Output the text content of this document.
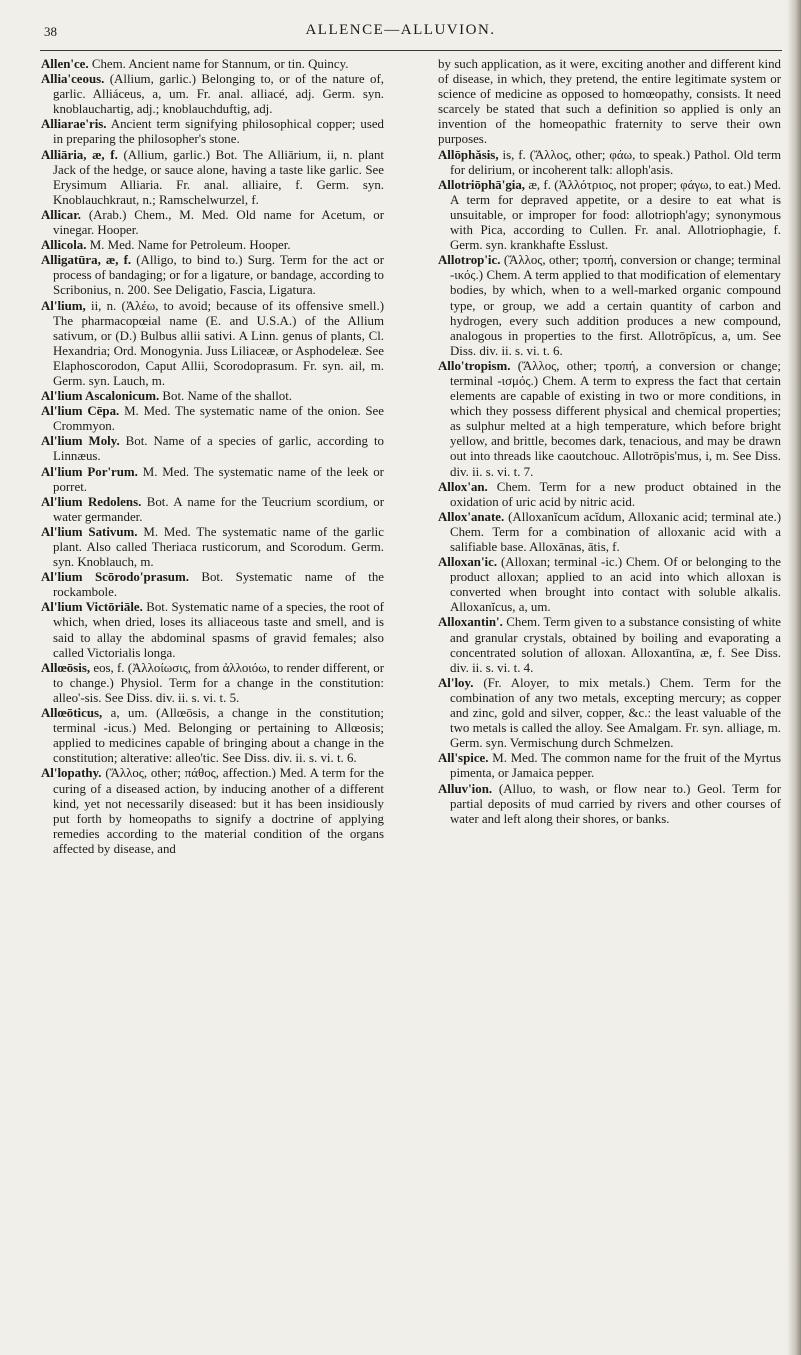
38	ALLENCE—ALLUVION.

Allen'ce. Chem. Ancient name for Stannum, or tin. Quincy.

Allia'ceous. (Allium, garlic.) Belonging to, or of the nature of, garlic. Alliáceus, a, um. Fr. anal. alliacé, adj. Germ. syn. knoblauchartig, adj.; knoblauchduftig, adj.

Alliarae'ris. Ancient term signifying philosophical copper; used in preparing the philosopher's stone.

Alliāria, æ, f. (Allium, garlic.) Bot. The Alliārium, ii, n. plant Jack of the hedge, or sauce alone, having a taste like garlic. See Erysimum Alliaria. Fr. anal. alliaire, f. Germ. syn. Knoblauchkraut, n.; Ramschelwurzel, f.

Allicar. (Arab.) Chem., M. Med. Old name for Acetum, or vinegar. Hooper.

Allicola. M. Med. Name for Petroleum. Hooper.

Alligatūra, æ, f. (Alligo, to bind to.) Surg. Term for the act or process of bandaging; or for a ligature, or bandage, according to Scribonius, n. 200. See Deligatio, Fascia, Ligatura.

Al'lium, ii, n. (Ἀλέω, to avoid; because of its offensive smell.) The pharmacopœial name (E. and U.S.A.) of the Allium sativum, or (D.) Bulbus allii sativi. A Linn. genus of plants, Cl. Hexandria; Ord. Monogynia. Juss Liliaceæ, or Asphodeleæ. See Elaphoscorodon, Caput Allii, Scorodoprasum. Fr. syn. ail, m. Germ. syn. Lauch, m.

Al'lium Ascalonicum. Bot. Name of the shallot.

Al'lium Cēpa. M. Med. The systematic name of the onion. See Crommyon.

Al'lium Moly. Bot. Name of a species of garlic, according to Linnæus.

Al'lium Por'rum. M. Med. The systematic name of the leek or porret.

Al'lium Redolens. Bot. A name for the Teucrium scordium, or water germander.

Al'lium Sativum. M. Med. The systematic name of the garlic plant. Also called Theriaca rusticorum, and Scorodum. Germ. syn. Knoblauch, m.

Al'lium Scōrodo'prasum. Bot. Systematic name of the rockambole.

Al'lium Victōriāle. Bot. Systematic name of a species, the root of which, when dried, loses its alliaceous taste and smell, and is said to allay the abdominal spasms of gravid females; also called Victorialis longa.

Allœōsis, eos, f. (Ἀλλοίωσις, from ἀλλοιόω, to render different, or to change.) Physiol. Term for a change in the constitution: alleo'-sis. See Diss. div. ii. s. vi. t. 5.

Allœōticus, a, um. (Allœōsis, a change in the constitution; terminal -icus.) Med. Belonging or pertaining to Allœosis; applied to medicines capable of bringing about a change in the constitution; alterative: alleo'tic. See Diss. div. ii. s. vi. t. 6.

Al'lopathy. (Ἄλλος, other; πάθος, affection.) Med. A term for the curing of a diseased action, by inducing another of a different kind, yet not necessarily diseased: but it has been insidiously put forth by homeopaths to signify a doctrine of applying remedies according to the material condition of the organs affected by disease, and

by such application, as it were, exciting another and different kind of disease, in which, they pretend, the entire legitimate system or science of medicine as opposed to homœopathy, consists. It need scarcely be stated that such a definition so applied is only an invention of the homeopathic fraternity to serve their own purposes.

Allōphăsis, is, f. (Ἄλλος, other; φάω, to speak.) Pathol. Old term for delirium, or incoherent talk: alloph'asis.

Allotriōphā'gia, æ, f. (Ἀλλότριος, not proper; φάγω, to eat.) Med. A term for depraved appetite, or a desire to eat what is unsuitable, or improper for food: allotrioph'agy; synonymous with Pica, according to Cullen. Fr. anal. Allotriophagie, f. Germ. syn. krankhafte Esslust.

Allotrop'ic. (Ἄλλος, other; τροπή, conversion or change; terminal -ικός.) Chem. A term applied to that modification of elementary bodies, by which, when to a well-marked organic compound type, or group, we add a certain quantity of carbon and hydrogen, every such addition produces a new compound, analogous in properties to the first. Allotrōpĭcus, a, um. See Diss. div. ii. s. vi. t. 6.

Allo'tropism. (Ἄλλος, other; τροπή, a conversion or change; terminal -ισμός.) Chem. A term to express the fact that certain elements are capable of existing in two or more conditions, in which they possess different physical and chemical properties; as sulphur melted at a high temperature, which before bright yellow, and brittle, becomes dark, tenacious, and may be drawn out into threads like caoutchouc. Allotrōpis'mus, i, m. See Diss. div. ii. s. vi. t. 7.

Allox'an. Chem. Term for a new product obtained in the oxidation of uric acid by nitric acid.

Allox'anate. (Alloxanĭcum acĭdum, Alloxanic acid; terminal ate.) Chem. Term for a combination of alloxanic acid with a salifiable base. Alloxānas, ātis, f.

Alloxan'ic. (Alloxan; terminal -ic.) Chem. Of or belonging to the product alloxan; applied to an acid into which alloxan is converted when brought into contact with soluble alkalis. Alloxanĭcus, a, um.

Alloxantin'. Chem. Term given to a substance consisting of white and granular crystals, obtained by boiling and evaporating a concentrated solution of alloxan. Alloxantīna, æ, f. See Diss. div. ii. s. vi. t. 4.

Al'loy. (Fr. Aloyer, to mix metals.) Chem. Term for the combination of any two metals, excepting mercury; as copper and zinc, gold and silver, copper, &c.: the least valuable of the two metals is called the alloy. See Amalgam. Fr. syn. alliage, m. Germ. syn. Vermischung durch Schmelzen.

All'spice. M. Med. The common name for the fruit of the Myrtus pimenta, or Jamaica pepper.

Alluv'ion. (Alluo, to wash, or flow near to.) Geol. Term for partial deposits of mud carried by rivers and other courses of water and left along their shores, or banks.
